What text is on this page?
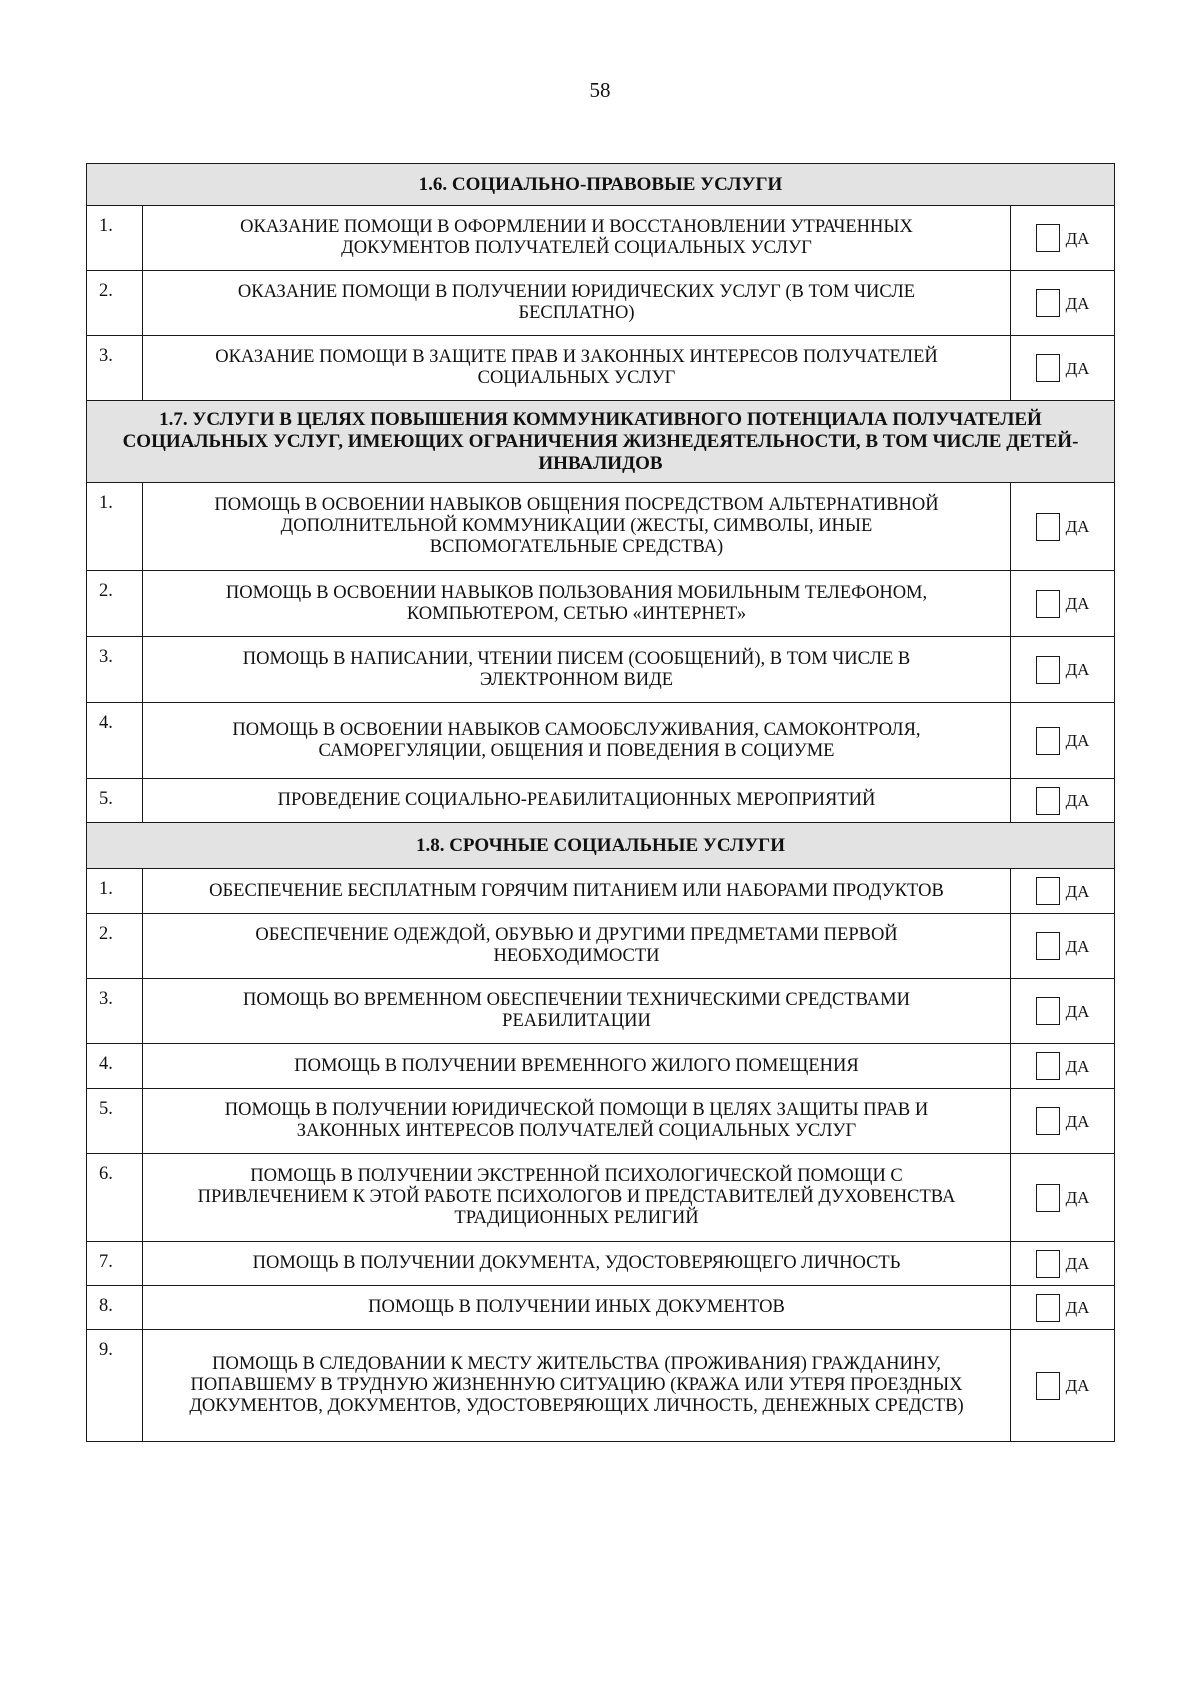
58
1.6. СОЦИАЛЬНО-ПРАВОВЫЕ УСЛУГИ		
1.	ОКАЗАНИЕ ПОМОЩИ В ОФОРМЛЕНИИ И ВОССТАНОВЛЕНИИ УТРАЧЕННЫХ ДОКУМЕНТОВ ПОЛУЧАТЕЛЕЙ СОЦИАЛЬНЫХ УСЛУГ	ДА

2.	ОКАЗАНИЕ ПОМОЩИ В ПОЛУЧЕНИИ ЮРИДИЧЕСКИХ УСЛУГ (В ТОМ ЧИСЛЕ БЕСПЛАТНО)	ДА

3.	ОКАЗАНИЕ ПОМОЩИ В ЗАЩИТЕ ПРАВ И ЗАКОННЫХ ИНТЕРЕСОВ ПОЛУЧАТЕЛЕЙ СОЦИАЛЬНЫХ УСЛУГ	ДА

1.7. УСЛУГИ В ЦЕЛЯХ ПОВЫШЕНИЯ КОММУНИКАТИВНОГО ПОТЕНЦИАЛА ПОЛУЧАТЕЛЕЙ СОЦИАЛЬНЫХ УСЛУГ, ИМЕЮЩИХ ОГРАНИЧЕНИЯ ЖИЗНЕДЕЯТЕЛЬНОСТИ, В ТОМ ЧИСЛЕ ДЕТЕЙ-ИНВАЛИДОВ		
1.	ПОМОЩЬ В ОСВОЕНИИ НАВЫКОВ ОБЩЕНИЯ ПОСРЕДСТВОМ АЛЬТЕРНАТИВНОЙ ДОПОЛНИТЕЛЬНОЙ КОММУНИКАЦИИ (ЖЕСТЫ, СИМВОЛЫ, ИНЫЕ ВСПОМОГАТЕЛЬНЫЕ СРЕДСТВА)	ДА

2.	ПОМОЩЬ В ОСВОЕНИИ НАВЫКОВ ПОЛЬЗОВАНИЯ МОБИЛЬНЫМ ТЕЛЕФОНОМ, КОМПЬЮТЕРОМ, СЕТЬЮ «ИНТЕРНЕТ»	ДА

3.	ПОМОЩЬ В НАПИСАНИИ, ЧТЕНИИ ПИСЕМ (СООБЩЕНИЙ), В ТОМ ЧИСЛЕ В ЭЛЕКТРОННОМ ВИДЕ	ДА

4.	ПОМОЩЬ В ОСВОЕНИИ НАВЫКОВ САМООБСЛУЖИВАНИЯ, САМОКОНТРОЛЯ, САМОРЕГУЛЯЦИИ, ОБЩЕНИЯ И ПОВЕДЕНИЯ В СОЦИУМЕ	ДА

5.	ПРОВЕДЕНИЕ СОЦИАЛЬНО-РЕАБИЛИТАЦИОННЫХ МЕРОПРИЯТИЙ	ДА

1.8. СРОЧНЫЕ СОЦИАЛЬНЫЕ УСЛУГИ		
1.	ОБЕСПЕЧЕНИЕ БЕСПЛАТНЫМ ГОРЯЧИМ ПИТАНИЕМ ИЛИ НАБОРАМИ ПРОДУКТОВ	ДА

2.	ОБЕСПЕЧЕНИЕ ОДЕЖДОЙ, ОБУВЬЮ И ДРУГИМИ ПРЕДМЕТАМИ ПЕРВОЙ НЕОБХОДИМОСТИ	ДА

3.	ПОМОЩЬ ВО ВРЕМЕННОМ ОБЕСПЕЧЕНИИ ТЕХНИЧЕСКИМИ СРЕДСТВАМИ РЕАБИЛИТАЦИИ	ДА

4.	ПОМОЩЬ В ПОЛУЧЕНИИ ВРЕМЕННОГО ЖИЛОГО ПОМЕЩЕНИЯ	ДА

5.	ПОМОЩЬ В ПОЛУЧЕНИИ ЮРИДИЧЕСКОЙ ПОМОЩИ В ЦЕЛЯХ ЗАЩИТЫ ПРАВ И ЗАКОННЫХ ИНТЕРЕСОВ ПОЛУЧАТЕЛЕЙ СОЦИАЛЬНЫХ УСЛУГ	ДА

6.	ПОМОЩЬ В ПОЛУЧЕНИИ ЭКСТРЕННОЙ ПСИХОЛОГИЧЕСКОЙ ПОМОЩИ С ПРИВЛЕЧЕНИЕМ К ЭТОЙ РАБОТЕ ПСИХОЛОГОВ И ПРЕДСТАВИТЕЛЕЙ ДУХОВЕНСТВА ТРАДИЦИОННЫХ РЕЛИГИЙ	ДА

7.	ПОМОЩЬ В ПОЛУЧЕНИИ ДОКУМЕНТА, УДОСТОВЕРЯЮЩЕГО ЛИЧНОСТЬ	ДА

8.	ПОМОЩЬ В ПОЛУЧЕНИИ ИНЫХ ДОКУМЕНТОВ	ДА

9.	ПОМОЩЬ В СЛЕДОВАНИИ К МЕСТУ ЖИТЕЛЬСТВА (ПРОЖИВАНИЯ) ГРАЖДАНИНУ, ПОПАВШЕМУ В ТРУДНУЮ ЖИЗНЕННУЮ СИТУАЦИЮ (КРАЖА ИЛИ УТЕРЯ ПРОЕЗДНЫХ ДОКУМЕНТОВ, ДОКУМЕНТОВ, УДОСТОВЕРЯЮЩИХ ЛИЧНОСТЬ, ДЕНЕЖНЫХ СРЕДСТВ)	ДА
